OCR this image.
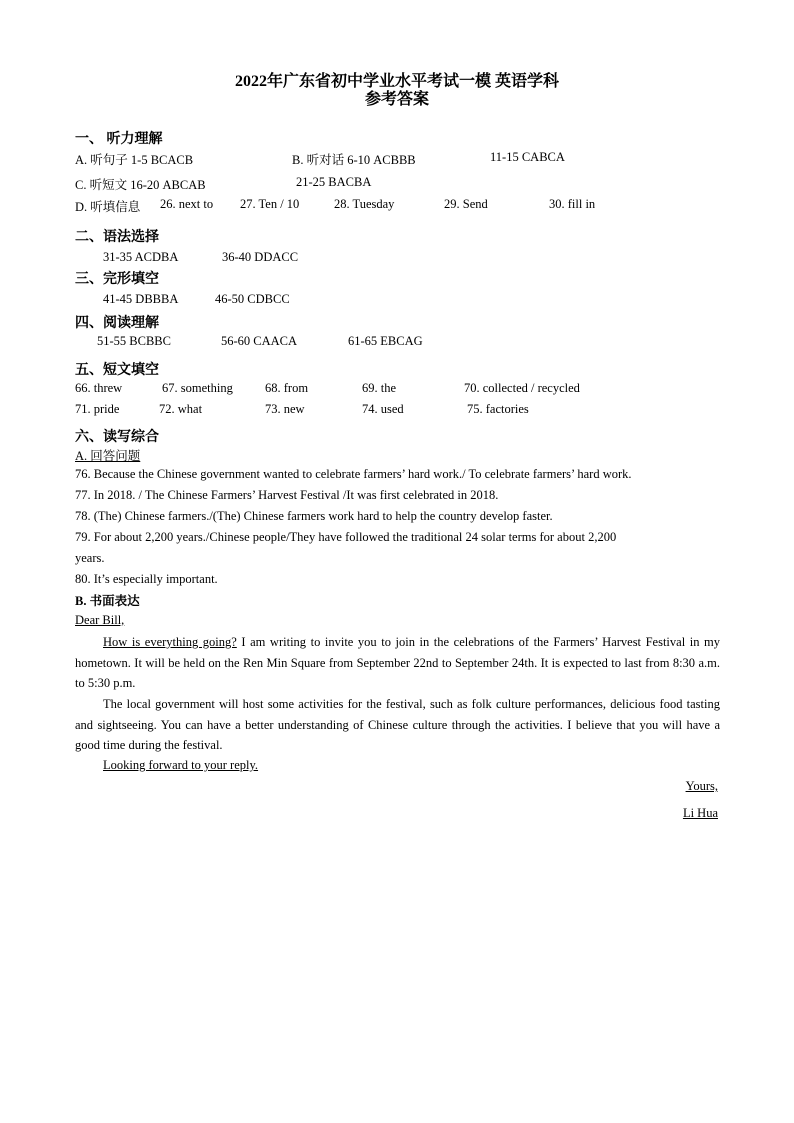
2022年广东省初中学业水平考试一模 英语学科
参考答案
一、 听力理解
A. 听句子 1-5 BCACB	B. 听对话 6-10 ACBBB	11-15 CABCA
C. 听短文 16-20 ABCAB	21-25 BACBA
D. 听填信息 26. next to 27. Ten / 10	28. Tuesday	29. Send	30. fill in
二、语法选择
31-35 ACDBA	36-40 DDACC
三、完形填空
41-45 DBBBA	46-50 CDBCC
四、阅读理解
51-55 BCBBC	56-60 CAACA	61-65 EBCAG
五、短文填空
66. threw	67. something	68. from	69. the	70. collected / recycled
71. pride	72. what	73. new	74. used	75. factories
六、读写综合
A. 回答问题
76. Because the Chinese government wanted to celebrate farmers’ hard work./ To celebrate farmers’ hard work.
77. In 2018. / The Chinese Farmers’ Harvest Festival /It was first celebrated in 2018.
78. (The) Chinese farmers./(The) Chinese farmers work hard to help the country develop faster.
79. For about 2,200 years./Chinese people/They have followed the traditional 24 solar terms for about 2,200
years.
80. It’s especially important.
B. 书面表达
Dear Bill,
How is everything going? I am writing to invite you to join in the celebrations of the Farmers’ Harvest Festival in my hometown. It will be held on the Ren Min Square from September 22nd to September 24th. It is expected to last from 8:30 a.m. to 5:30 p.m.
The local government will host some activities for the festival, such as folk culture performances, delicious food tasting and sightseeing. You can have a better understanding of Chinese culture through the activities. I believe that you will have a good time during the festival.
Looking forward to your reply.
Yours,
Li Hua
